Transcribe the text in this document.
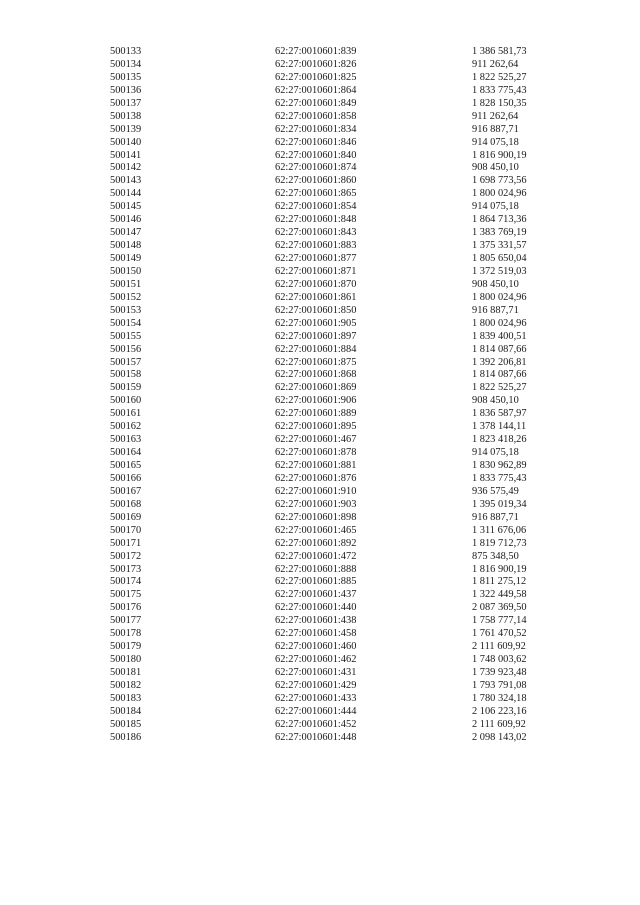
500133	62:27:0010601:839	1 386 581,73
500134	62:27:0010601:826	911 262,64
500135	62:27:0010601:825	1 822 525,27
500136	62:27:0010601:864	1 833 775,43
500137	62:27:0010601:849	1 828 150,35
500138	62:27:0010601:858	911 262,64
500139	62:27:0010601:834	916 887,71
500140	62:27:0010601:846	914 075,18
500141	62:27:0010601:840	1 816 900,19
500142	62:27:0010601:874	908 450,10
500143	62:27:0010601:860	1 698 773,56
500144	62:27:0010601:865	1 800 024,96
500145	62:27:0010601:854	914 075,18
500146	62:27:0010601:848	1 864 713,36
500147	62:27:0010601:843	1 383 769,19
500148	62:27:0010601:883	1 375 331,57
500149	62:27:0010601:877	1 805 650,04
500150	62:27:0010601:871	1 372 519,03
500151	62:27:0010601:870	908 450,10
500152	62:27:0010601:861	1 800 024,96
500153	62:27:0010601:850	916 887,71
500154	62:27:0010601:905	1 800 024,96
500155	62:27:0010601:897	1 839 400,51
500156	62:27:0010601:884	1 814 087,66
500157	62:27:0010601:875	1 392 206,81
500158	62:27:0010601:868	1 814 087,66
500159	62:27:0010601:869	1 822 525,27
500160	62:27:0010601:906	908 450,10
500161	62:27:0010601:889	1 836 587,97
500162	62:27:0010601:895	1 378 144,11
500163	62:27:0010601:467	1 823 418,26
500164	62:27:0010601:878	914 075,18
500165	62:27:0010601:881	1 830 962,89
500166	62:27:0010601:876	1 833 775,43
500167	62:27:0010601:910	936 575,49
500168	62:27:0010601:903	1 395 019,34
500169	62:27:0010601:898	916 887,71
500170	62:27:0010601:465	1 311 676,06
500171	62:27:0010601:892	1 819 712,73
500172	62:27:0010601:472	875 348,50
500173	62:27:0010601:888	1 816 900,19
500174	62:27:0010601:885	1 811 275,12
500175	62:27:0010601:437	1 322 449,58
500176	62:27:0010601:440	2 087 369,50
500177	62:27:0010601:438	1 758 777,14
500178	62:27:0010601:458	1 761 470,52
500179	62:27:0010601:460	2 111 609,92
500180	62:27:0010601:462	1 748 003,62
500181	62:27:0010601:431	1 739 923,48
500182	62:27:0010601:429	1 793 791,08
500183	62:27:0010601:433	1 780 324,18
500184	62:27:0010601:444	2 106 223,16
500185	62:27:0010601:452	2 111 609,92
500186	62:27:0010601:448	2 098 143,02
